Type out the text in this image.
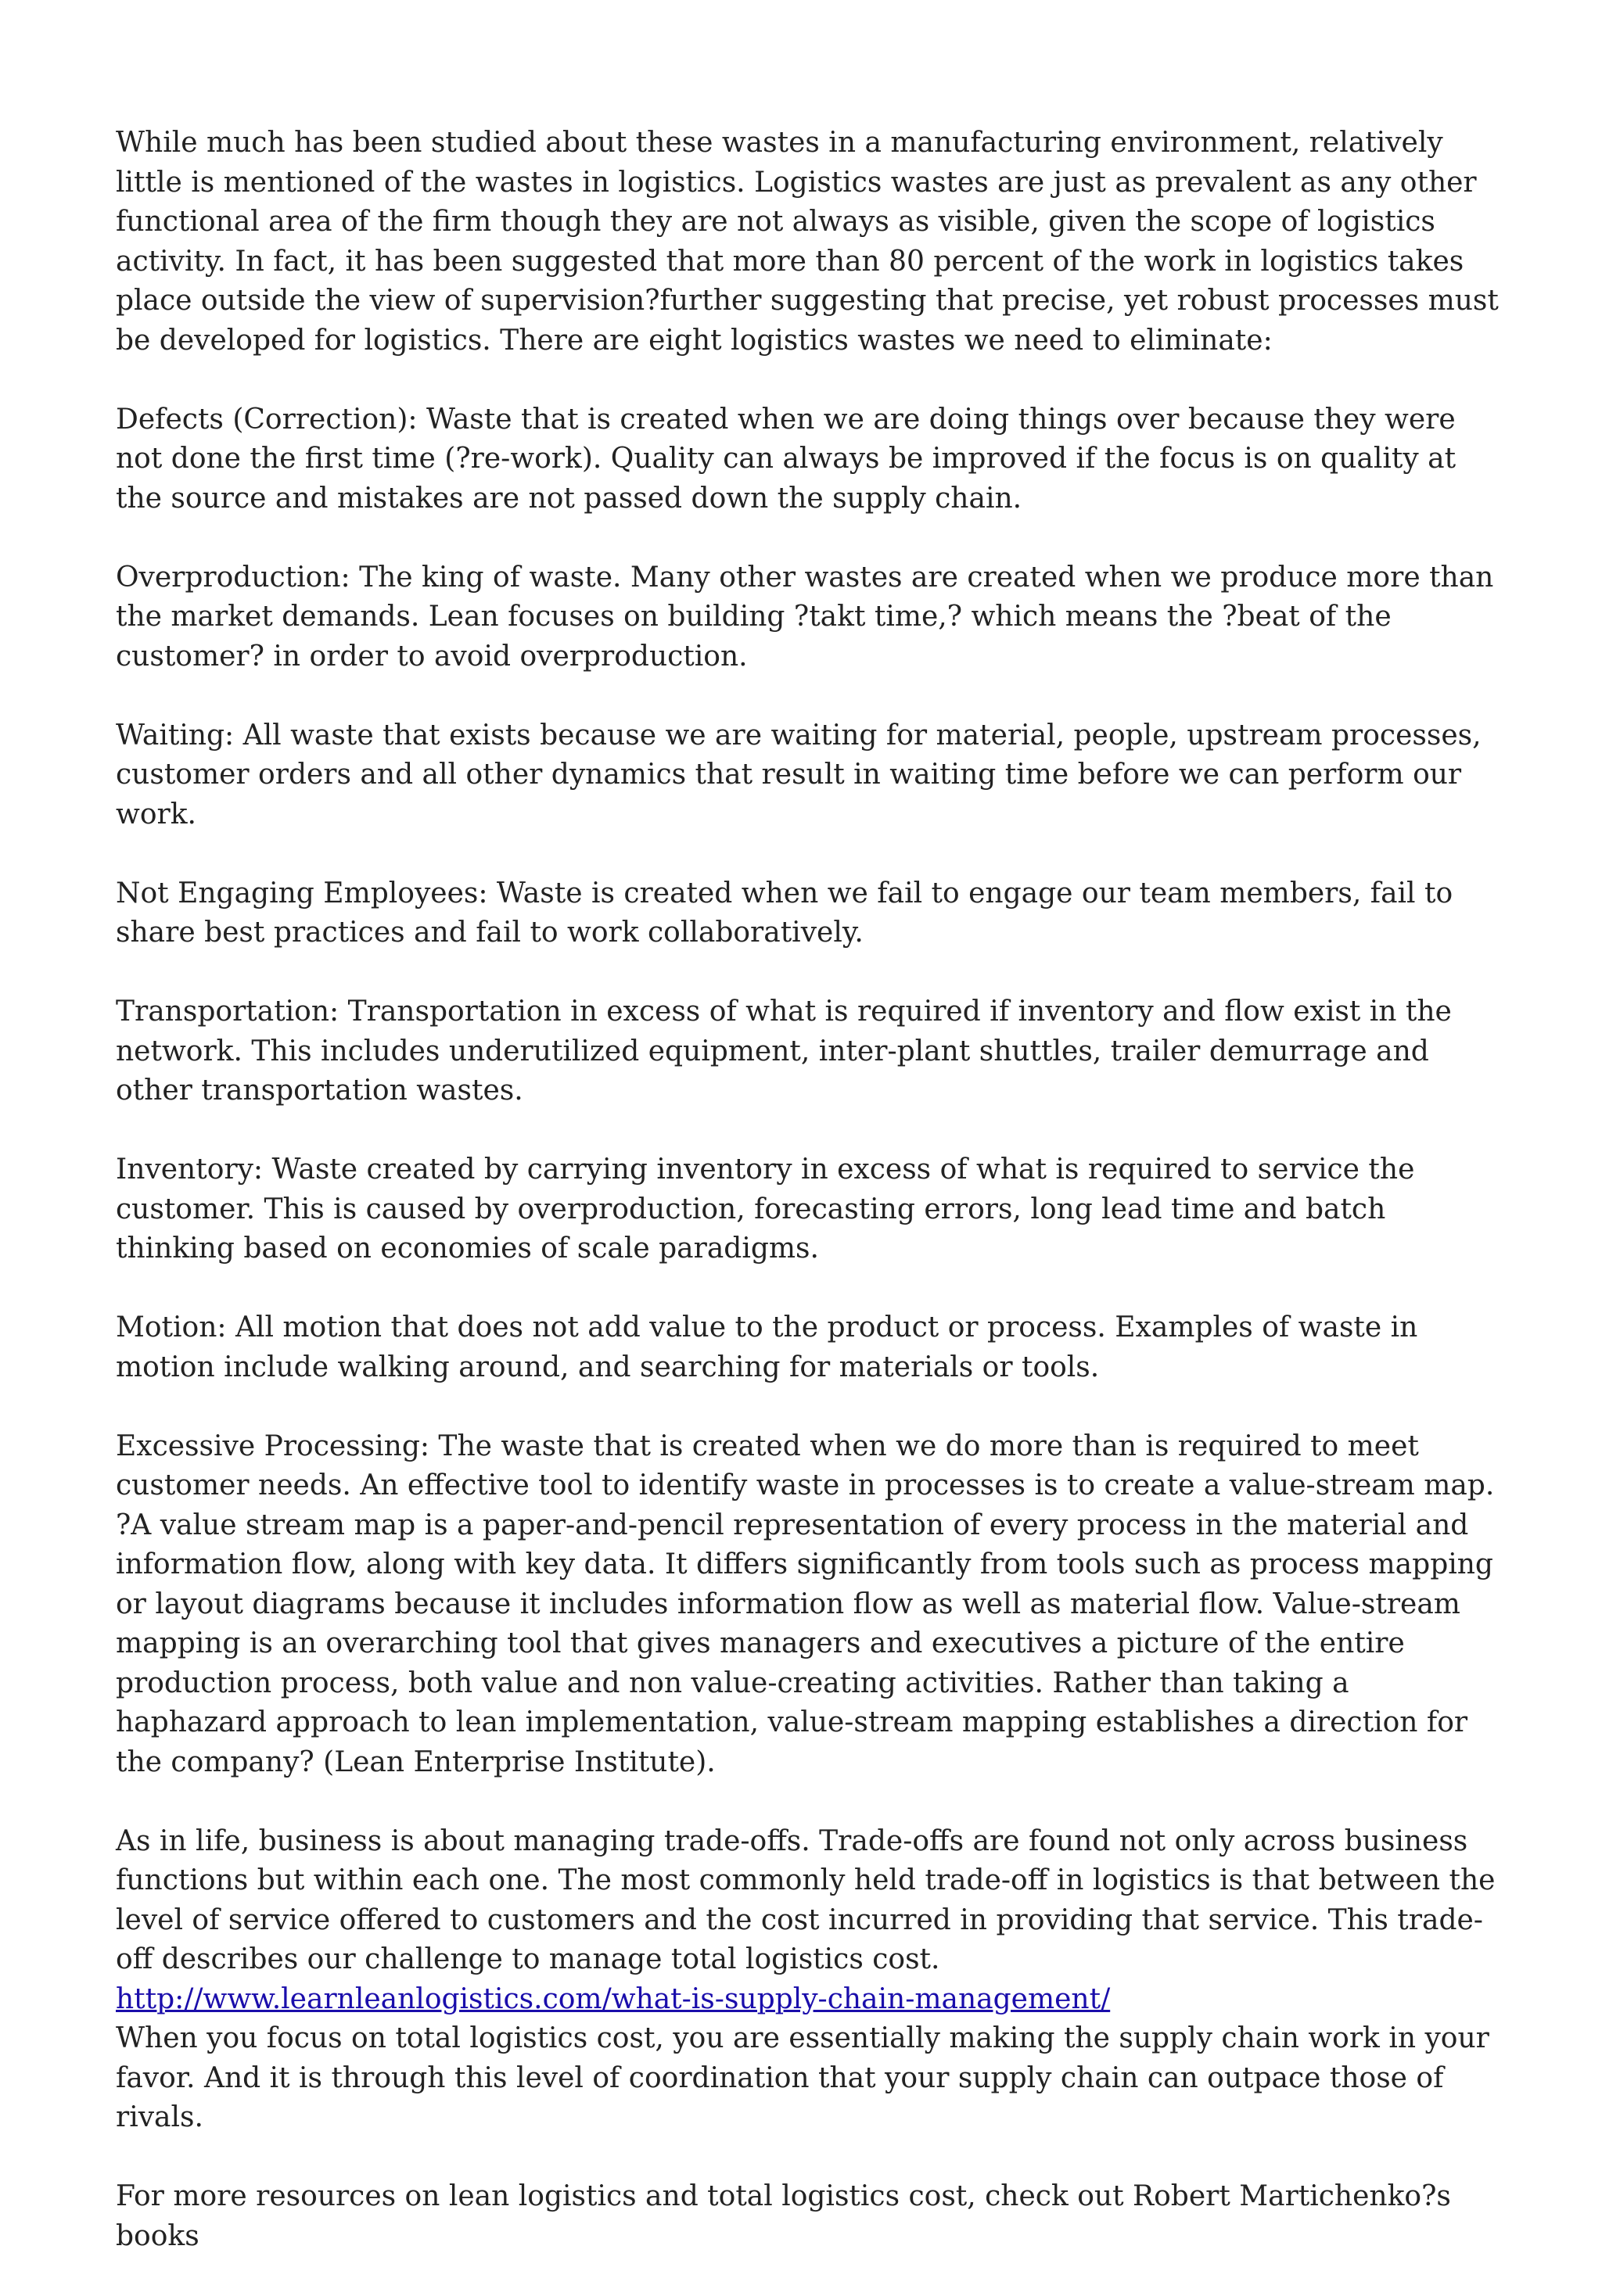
While much has been studied about these wastes in a manufacturing environment, relatively little is mentioned of the wastes in logistics. Logistics wastes are just as prevalent as any other functional area of the firm though they are not always as visible, given the scope of logistics activity. In fact, it has been suggested that more than 80 percent of the work in logistics takes place outside the view of supervision?further suggesting that precise, yet robust processes must be developed for logistics. There are eight logistics wastes we need to eliminate:

Defects (Correction): Waste that is created when we are doing things over because they were not done the first time (?re-work). Quality can always be improved if the focus is on quality at the source and mistakes are not passed down the supply chain.

Overproduction: The king of waste. Many other wastes are created when we produce more than the market demands. Lean focuses on building ?takt time,? which means the ?beat of the customer? in order to avoid overproduction.

Waiting: All waste that exists because we are waiting for material, people, upstream processes, customer orders and all other dynamics that result in waiting time before we can perform our work.

Not Engaging Employees: Waste is created when we fail to engage our team members, fail to share best practices and fail to work collaboratively.

Transportation: Transportation in excess of what is required if inventory and flow exist in the network. This includes underutilized equipment, inter-plant shuttles, trailer demurrage and other transportation wastes.

Inventory: Waste created by carrying inventory in excess of what is required to service the customer. This is caused by overproduction, forecasting errors, long lead time and batch thinking based on economies of scale paradigms.

Motion: All motion that does not add value to the product or process. Examples of waste in motion include walking around, and searching for materials or tools.

Excessive Processing: The waste that is created when we do more than is required to meet customer needs. An effective tool to identify waste in processes is to create a value-stream map. ?A value stream map is a paper-and-pencil representation of every process in the material and information flow, along with key data. It differs significantly from tools such as process mapping or layout diagrams because it includes information flow as well as material flow. Value-stream mapping is an overarching tool that gives managers and executives a picture of the entire production process, both value and non value-creating activities. Rather than taking a haphazard approach to lean implementation, value-stream mapping establishes a direction for the company? (Lean Enterprise Institute).

As in life, business is about managing trade-offs. Trade-offs are found not only across business functions but within each one. The most commonly held trade-off in logistics is that between the level of service offered to customers and the cost incurred in providing that service. This trade-off describes our challenge to manage total logistics cost.

http://www.learnleanlogistics.com/what-is-supply-chain-management/

When you focus on total logistics cost, you are essentially making the supply chain work in your favor. And it is through this level of coordination that your supply chain can outpace those of rivals.

For more resources on lean logistics and total logistics cost, check out Robert Martichenko?s books
